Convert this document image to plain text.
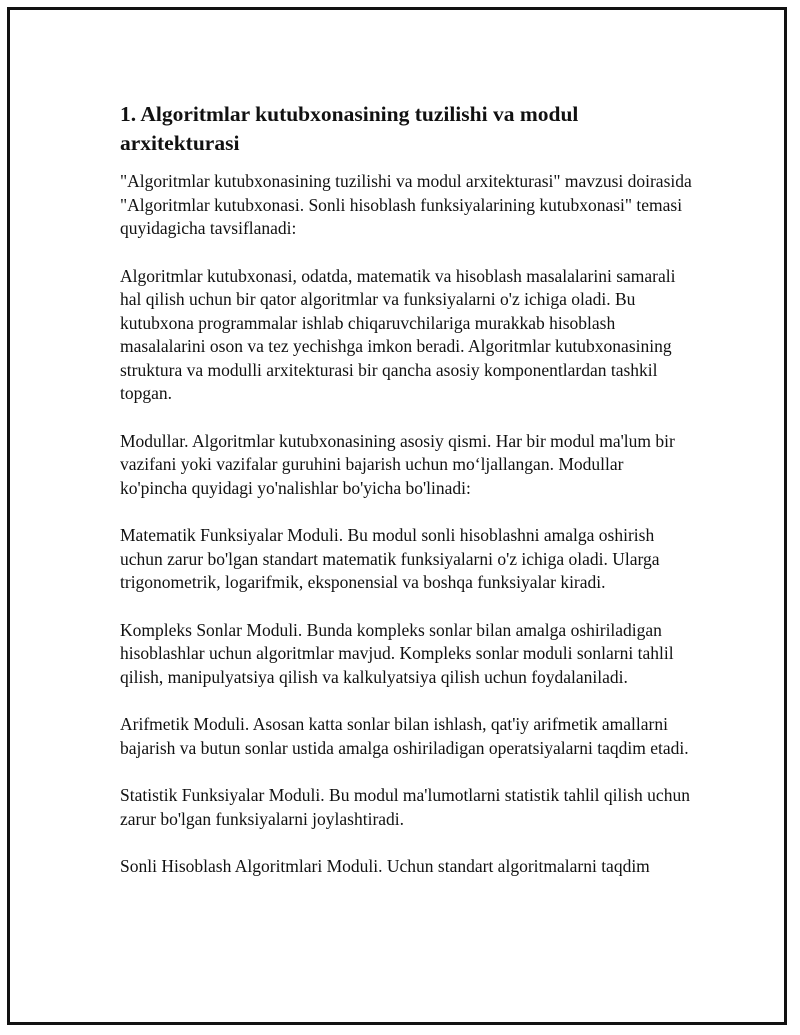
1. Algoritmlar kutubxonasining tuzilishi va modul arxitekturasi

"Algoritmlar kutubxonasining tuzilishi va modul arxitekturasi" mavzusi doirasida "Algoritmlar kutubxonasi. Sonli hisoblash funksiyalarining kutubxonasi" temasi quyidagicha tavsiflanadi:

Algoritmlar kutubxonasi, odatda, matematik va hisoblash masalalarini samarali hal qilish uchun bir qator algoritmlar va funksiyalarni o'z ichiga oladi. Bu kutubxona programmalar ishlab chiqaruvchilariga murakkab hisoblash masalalarini oson va tez yechishga imkon beradi. Algoritmlar kutubxonasining struktura va modulli arxitekturasi bir qancha asosiy komponentlardan tashkil topgan.

Modullar. Algoritmlar kutubxonasining asosiy qismi. Har bir modul ma'lum bir vazifani yoki vazifalar guruhini bajarish uchun mo‘ljallangan. Modullar ko'pincha quyidagi yo'nalishlar bo'yicha bo'linadi:

Matematik Funksiyalar Moduli. Bu modul sonli hisoblashni amalga oshirish uchun zarur bo'lgan standart matematik funksiyalarni o'z ichiga oladi. Ularga trigonometrik, logarifmik, eksponensial va boshqa funksiyalar kiradi.

Kompleks Sonlar Moduli. Bunda kompleks sonlar bilan amalga oshiriladigan hisoblashlar uchun algoritmlar mavjud. Kompleks sonlar moduli sonlarni tahlil qilish, manipulyatsiya qilish va kalkulyatsiya qilish uchun foydalaniladi.

Arifmetik Moduli. Asosan katta sonlar bilan ishlash, qat'iy arifmetik amallarni bajarish va butun sonlar ustida amalga oshiriladigan operatsiyalarni taqdim etadi.

Statistik Funksiyalar Moduli. Bu modul ma'lumotlarni statistik tahlil qilish uchun zarur bo'lgan funksiyalarni joylashtiradi.

Sonli Hisoblash Algoritmlari Moduli. Uchun standart algoritmalarni taqdim
